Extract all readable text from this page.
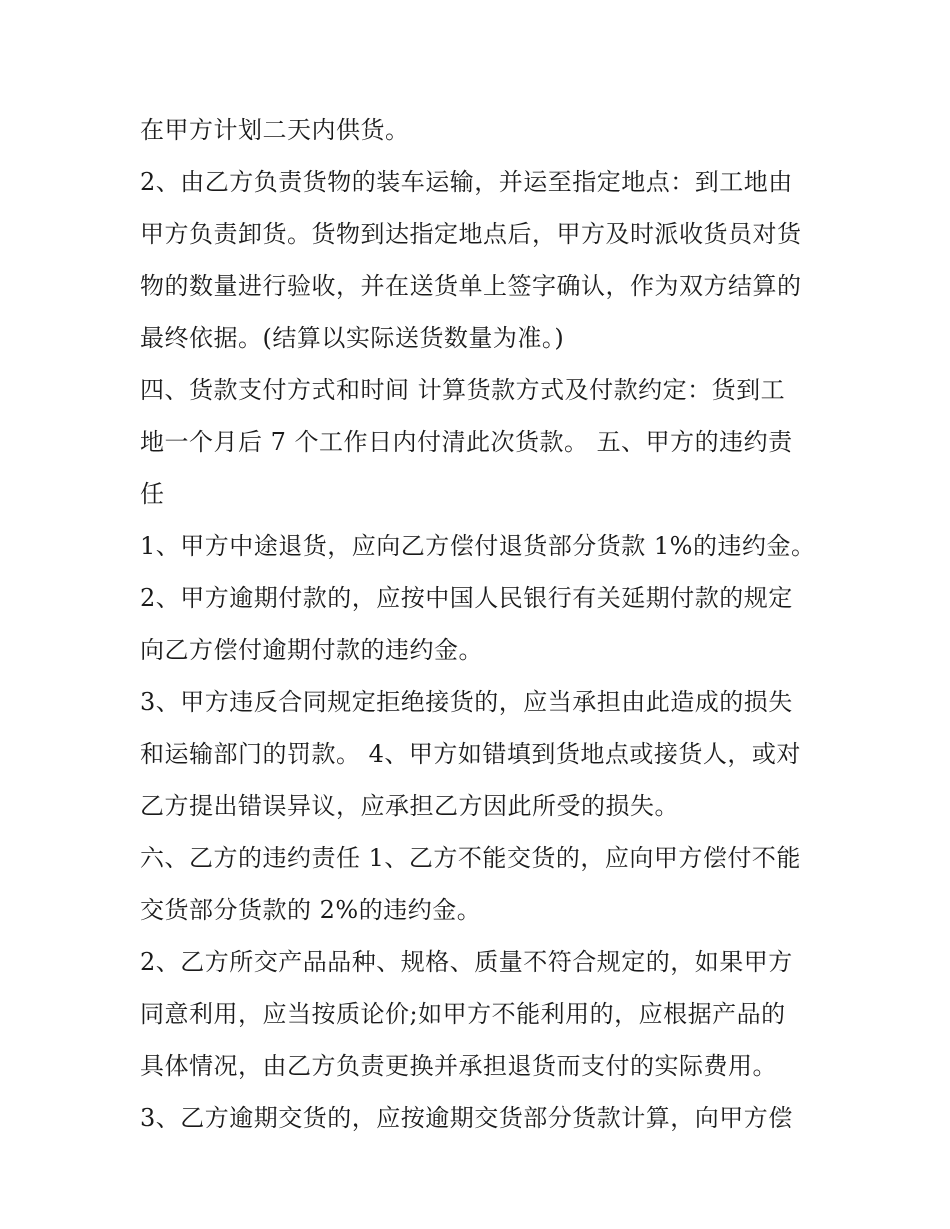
在甲方计划二天内供货。
2、由乙方负责货物的装车运输，并运至指定地点：到工地由
甲方负责卸货。货物到达指定地点后，甲方及时派收货员对货
物的数量进行验收，并在送货单上签字确认，作为双方结算的
最终依据。(结算以实际送货数量为准。)
四、货款支付方式和时间 计算货款方式及付款约定：货到工
地一个月后 7 个工作日内付清此次货款。 五、甲方的违约责
任
1、甲方中途退货，应向乙方偿付退货部分货款 1%的违约金。
2、甲方逾期付款的，应按中国人民银行有关延期付款的规定
向乙方偿付逾期付款的违约金。
3、甲方违反合同规定拒绝接货的，应当承担由此造成的损失
和运输部门的罚款。 4、甲方如错填到货地点或接货人，或对
乙方提出错误异议，应承担乙方因此所受的损失。
六、乙方的违约责任 1、乙方不能交货的，应向甲方偿付不能
交货部分货款的 2%的违约金。
2、乙方所交产品品种、规格、质量不符合规定的，如果甲方
同意利用，应当按质论价;如甲方不能利用的，应根据产品的
具体情况，由乙方负责更换并承担退货而支付的实际费用。
3、乙方逾期交货的，应按逾期交货部分货款计算，向甲方偿
